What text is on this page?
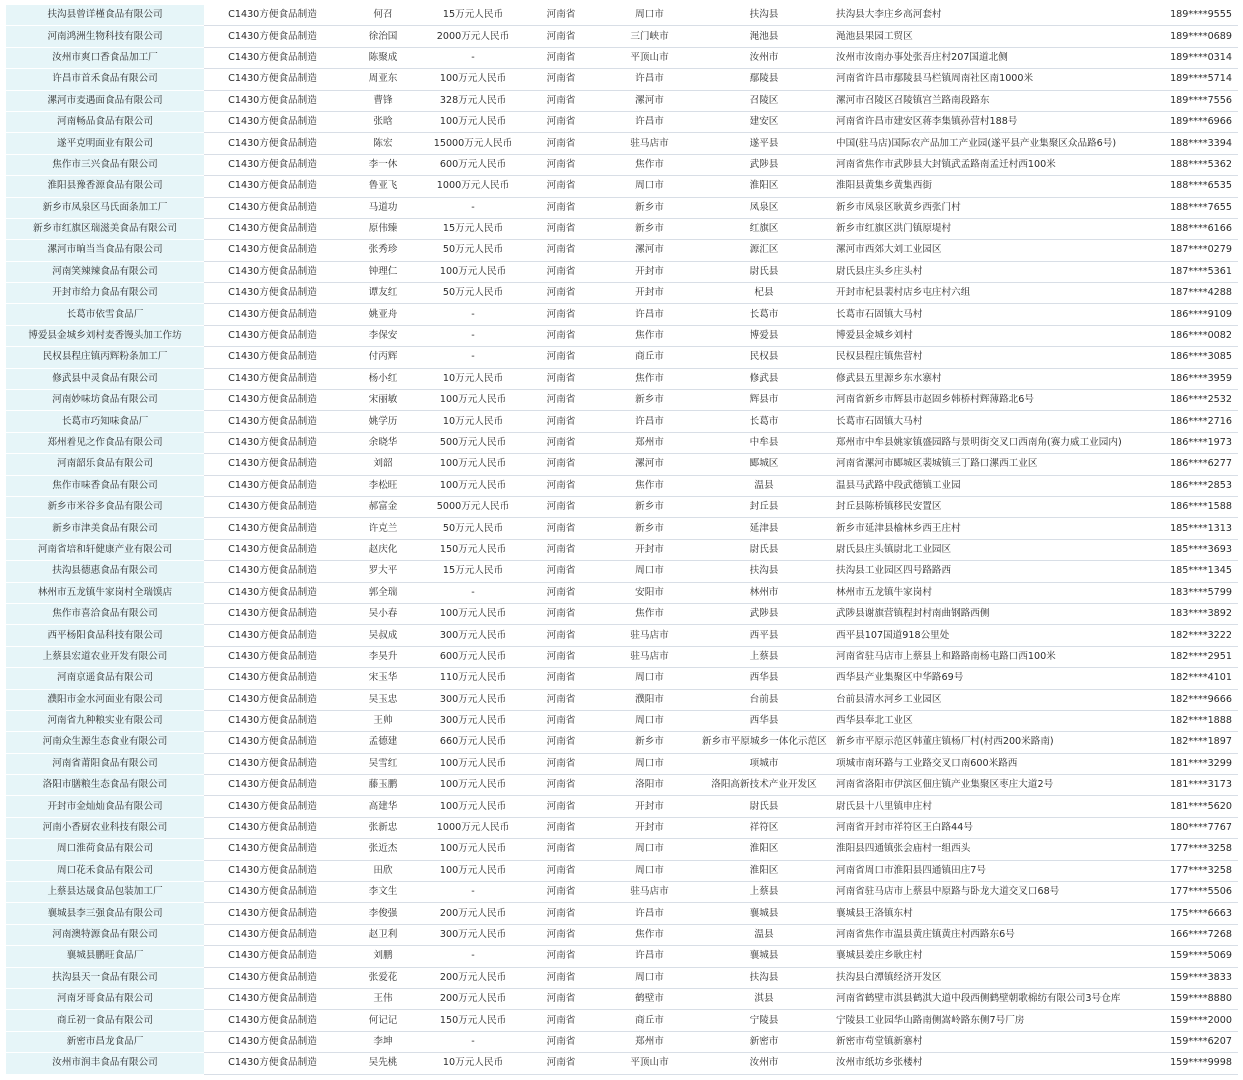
扶沟县曾详槿食品有限公司	C1430方便食品制造	何召	15万元人民币	河南省	周口市	扶沟县	扶沟县大李庄乡高河套村	189****9555
河南鸿洲生物科技有限公司	C1430方便食品制造	徐治国	2000万元人民币	河南省	三门峡市	渑池县	渑池县果园工贸区	189****0689
汝州市爽口香食品加工厂	C1430方便食品制造	陈聚成	-	河南省	平顶山市	汝州市	汝州市汝南办事处张吾庄村207国道北侧	189****0314
许昌市首禾食品有限公司	C1430方便食品制造	周亚东	100万元人民币	河南省	许昌市	鄢陵县	河南省许昌市鄢陵县马栏镇周南社区南1000米	189****5714
漯河市麦遇面食品有限公司	C1430方便食品制造	曹锋	328万元人民币	河南省	漯河市	召陵区	漯河市召陵区召陵镇宫兰路南段路东	189****7556
河南畅品食品有限公司	C1430方便食品制造	张晗	100万元人民币	河南省	许昌市	建安区	河南省许昌市建安区蒋李集镇孙营村188号	189****6966
遂平克明面业有限公司	C1430方便食品制造	陈宏	15000万元人民币	河南省	驻马店市	遂平县	中国(驻马店)国际农产品加工产业园(遂平县产业集聚区众品路6号)	188****3394
焦作市三兴食品有限公司	C1430方便食品制造	李一休	600万元人民币	河南省	焦作市	武陟县	河南省焦作市武陟县大封镇武孟路南孟迁村西100米	188****5362
淮阳县豫香源食品有限公司	C1430方便食品制造	鲁亚飞	1000万元人民币	河南省	周口市	淮阳区	淮阳县黄集乡黄集西街	188****6535
新乡市凤泉区马氏面条加工厂	C1430方便食品制造	马道功	-	河南省	新乡市	凤泉区	新乡市凤泉区耿黄乡西张门村	188****7655
新乡市红旗区瑞滋美食品有限公司	C1430方便食品制造	原伟臻	15万元人民币	河南省	新乡市	红旗区	新乡市红旗区洪门镇原堤村	188****6166
漯河市晌当当食品有限公司	C1430方便食品制造	张秀珍	50万元人民币	河南省	漯河市	源汇区	漯河市西郊大刘工业园区	187****0279
河南笑辣辣食品有限公司	C1430方便食品制造	钟理仁	100万元人民币	河南省	开封市	尉氏县	尉氏县庄头乡庄头村	187****5361
开封市给力食品有限公司	C1430方便食品制造	谭友红	50万元人民币	河南省	开封市	杞县	开封市杞县裴村店乡屯庄村六组	187****4288
长葛市依雪食品厂	C1430方便食品制造	姚亚舟	-	河南省	许昌市	长葛市	长葛市石固镇大马村	186****9109
博爱县金城乡刘村麦香馒头加工作坊	C1430方便食品制造	李保安	-	河南省	焦作市	博爱县	博爱县金城乡刘村	186****0082
民权县程庄镇丙辉粉条加工厂	C1430方便食品制造	付丙辉	-	河南省	商丘市	民权县	民权县程庄镇焦营村	186****3085
修武县中灵食品有限公司	C1430方便食品制造	杨小红	10万元人民币	河南省	焦作市	修武县	修武县五里源乡东水寨村	186****3959
河南妙味坊食品有限公司	C1430方便食品制造	宋丽敏	100万元人民币	河南省	新乡市	辉县市	河南省新乡市辉县市赵固乡韩桥村辉薄路北6号	186****2532
长葛市巧知味食品厂	C1430方便食品制造	姚学历	10万元人民币	河南省	许昌市	长葛市	长葛市石固镇大马村	186****2716
郑州着见之作食品有限公司	C1430方便食品制造	余晓华	500万元人民币	河南省	郑州市	中牟县	郑州市中牟县姚家镇盛园路与景明街交叉口西南角(赛力威工业园内)	186****1973
河南韶乐食品有限公司	C1430方便食品制造	刘韶	100万元人民币	河南省	漯河市	郾城区	河南省漯河市郾城区裴城镇三丁路口漯西工业区	186****6277
焦作市味香食品有限公司	C1430方便食品制造	李松旺	100万元人民币	河南省	焦作市	温县	温县马武路中段武德镇工业园	186****2853
新乡市米谷多食品有限公司	C1430方便食品制造	郝富金	5000万元人民币	河南省	新乡市	封丘县	封丘县陈桥镇移民安置区	186****1588
新乡市津美食品有限公司	C1430方便食品制造	许克兰	50万元人民币	河南省	新乡市	延津县	新乡市延津县榆林乡西王庄村	185****1313
河南省培和轩健康产业有限公司	C1430方便食品制造	赵庆化	150万元人民币	河南省	开封市	尉氏县	尉氏县庄头镇尉北工业园区	185****3693
扶沟县德惠食品有限公司	C1430方便食品制造	罗大平	15万元人民币	河南省	周口市	扶沟县	扶沟县工业园区四号路路西	185****1345
林州市五龙镇牛家岗村全瑞馍店	C1430方便食品制造	郭全瑞	-	河南省	安阳市	林州市	林州市五龙镇牛家岗村	183****5799
焦作市喜洽食品有限公司	C1430方便食品制造	吴小春	100万元人民币	河南省	焦作市	武陟县	武陟县谢旗营镇程封村南曲钢路西侧	183****3892
西平杨阳食品科技有限公司	C1430方便食品制造	吴叔成	300万元人民币	河南省	驻马店市	西平县	西平县107国道918公里处	182****3222
上蔡县宏道农业开发有限公司	C1430方便食品制造	李昊升	600万元人民币	河南省	驻马店市	上蔡县	河南省驻马店市上蔡县上和路路南杨屯路口西100米	182****2951
河南京遥食品有限公司	C1430方便食品制造	宋玉华	110万元人民币	河南省	周口市	西华县	西华县产业集聚区中华路69号	182****4101
濮阳市金水河面业有限公司	C1430方便食品制造	吴玉忠	300万元人民币	河南省	濮阳市	台前县	台前县清水河乡工业园区	182****9666
河南省九种粮实业有限公司	C1430方便食品制造	王帅	300万元人民币	河南省	周口市	西华县	西华县奉北工业区	182****1888
河南众生源生态食业有限公司	C1430方便食品制造	孟德建	660万元人民币	河南省	新乡市	新乡市平原城乡一体化示范区	新乡市平原示范区韩董庄镇杨厂村(村西200米路南)	182****1897
河南省莆阳食品有限公司	C1430方便食品制造	吴雪红	100万元人民币	河南省	周口市	项城市	项城市南环路与工业路交叉口南600米路西	181****3299
洛阳市膳粮生态食品有限公司	C1430方便食品制造	藤玉鹏	100万元人民币	河南省	洛阳市	洛阳高新技术产业开发区	河南省洛阳市伊滨区佃庄镇产业集聚区枣庄大道2号	181****3173
开封市金灿灿食品有限公司	C1430方便食品制造	高建华	100万元人民币	河南省	开封市	尉氏县	尉氏县十八里镇申庄村	181****5620
河南小香厨农业科技有限公司	C1430方便食品制造	张新忠	1000万元人民币	河南省	开封市	祥符区	河南省开封市祥符区王白路44号	180****7767
周口淮荷食品有限公司	C1430方便食品制造	张近杰	100万元人民币	河南省	周口市	淮阳区	淮阳县四通镇张会庙村一组西头	177****3258
周口花禾食品有限公司	C1430方便食品制造	田欣	100万元人民币	河南省	周口市	淮阳区	河南省周口市淮阳县四通镇田庄7号	177****3258
上蔡县达晟食品包装加工厂	C1430方便食品制造	李文生	-	河南省	驻马店市	上蔡县	河南省驻马店市上蔡县中原路与卧龙大道交叉口68号	177****5506
襄城县李三强食品有限公司	C1430方便食品制造	李俊强	200万元人民币	河南省	许昌市	襄城县	襄城县王洛镇东村	175****6663
河南澳特源食品有限公司	C1430方便食品制造	赵卫利	300万元人民币	河南省	焦作市	温县	河南省焦作市温县黄庄镇黄庄村西路东6号	166****7268
襄城县鹏旺食品厂	C1430方便食品制造	刘鹏	-	河南省	许昌市	襄城县	襄城县姜庄乡耿庄村	159****5069
扶沟县天一食品有限公司	C1430方便食品制造	张爱花	200万元人民币	河南省	周口市	扶沟县	扶沟县白潭镇经济开发区	159****3833
河南牙哥食品有限公司	C1430方便食品制造	王伟	200万元人民币	河南省	鹤壁市	淇县	河南省鹤壁市淇县鹤淇大道中段西侧鹤壁朝歌棉纺有限公司3号仓库	159****8880
商丘初一食品有限公司	C1430方便食品制造	何记记	150万元人民币	河南省	商丘市	宁陵县	宁陵县工业园华山路南侧嵩岭路东侧7号厂房	159****2000
新密市昌龙食品厂	C1430方便食品制造	李坤	-	河南省	郑州市	新密市	新密市苟堂镇新寨村	159****6207
汝州市润丰食品有限公司	C1430方便食品制造	吴先桃	10万元人民币	河南省	平顶山市	汝州市	汝州市纸坊乡张楼村	159****9998
